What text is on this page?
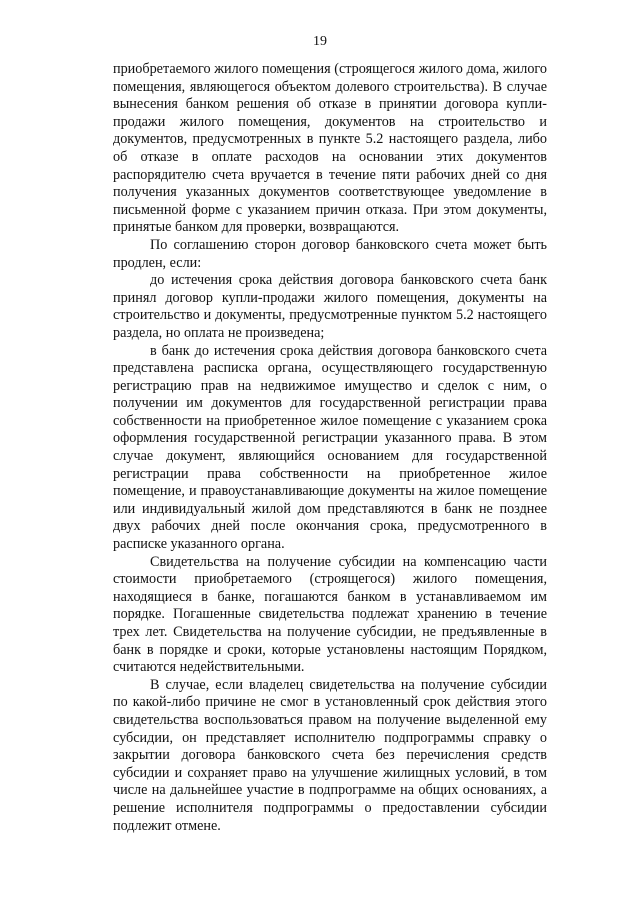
19

приобретаемого жилого помещения (строящегося жилого дома, жилого помещения, являющегося объектом долевого строительства). В случае вынесения банком решения об отказе в принятии договора купли-продажи жилого помещения, документов на строительство и документов, предусмотренных в пункте 5.2 настоящего раздела, либо об отказе в оплате расходов на основании этих документов распорядителю счета вручается в течение пяти рабочих дней со дня получения указанных документов соответствующее уведомление в письменной форме с указанием причин отказа. При этом документы, принятые банком для проверки, возвращаются.

По соглашению сторон договор банковского счета может быть продлен, если:

до истечения срока действия договора банковского счета банк принял договор купли-продажи жилого помещения, документы на строительство и документы, предусмотренные пунктом 5.2 настоящего раздела, но оплата не произведена;

в банк до истечения срока действия договора банковского счета представлена расписка органа, осуществляющего государственную регистрацию прав на недвижимое имущество и сделок с ним, о получении им документов для государственной регистрации права собственности на приобретенное жилое помещение с указанием срока оформления государственной регистрации указанного права. В этом случае документ, являющийся основанием для государственной регистрации права собственности на приобретенное жилое помещение, и правоустанавливающие документы на жилое помещение или индивидуальный жилой дом представляются в банк не позднее двух рабочих дней после окончания срока, предусмотренного в расписке указанного органа.

Свидетельства на получение субсидии на компенсацию части стоимости приобретаемого (строящегося) жилого помещения, находящиеся в банке, погашаются банком в устанавливаемом им порядке. Погашенные свидетельства подлежат хранению в течение трех лет. Свидетельства на получение субсидии, не предъявленные в банк в порядке и сроки, которые установлены настоящим Порядком, считаются недействительными.

В случае, если владелец свидетельства на получение субсидии по какой-либо причине не смог в установленный срок действия этого свидетельства воспользоваться правом на получение выделенной ему субсидии, он представляет исполнителю подпрограммы справку о закрытии договора банковского счета без перечисления средств субсидии и сохраняет право на улучшение жилищных условий, в том числе на дальнейшее участие в подпрограмме на общих основаниях, а решение исполнителя подпрограммы о предоставлении субсидии подлежит отмене.
